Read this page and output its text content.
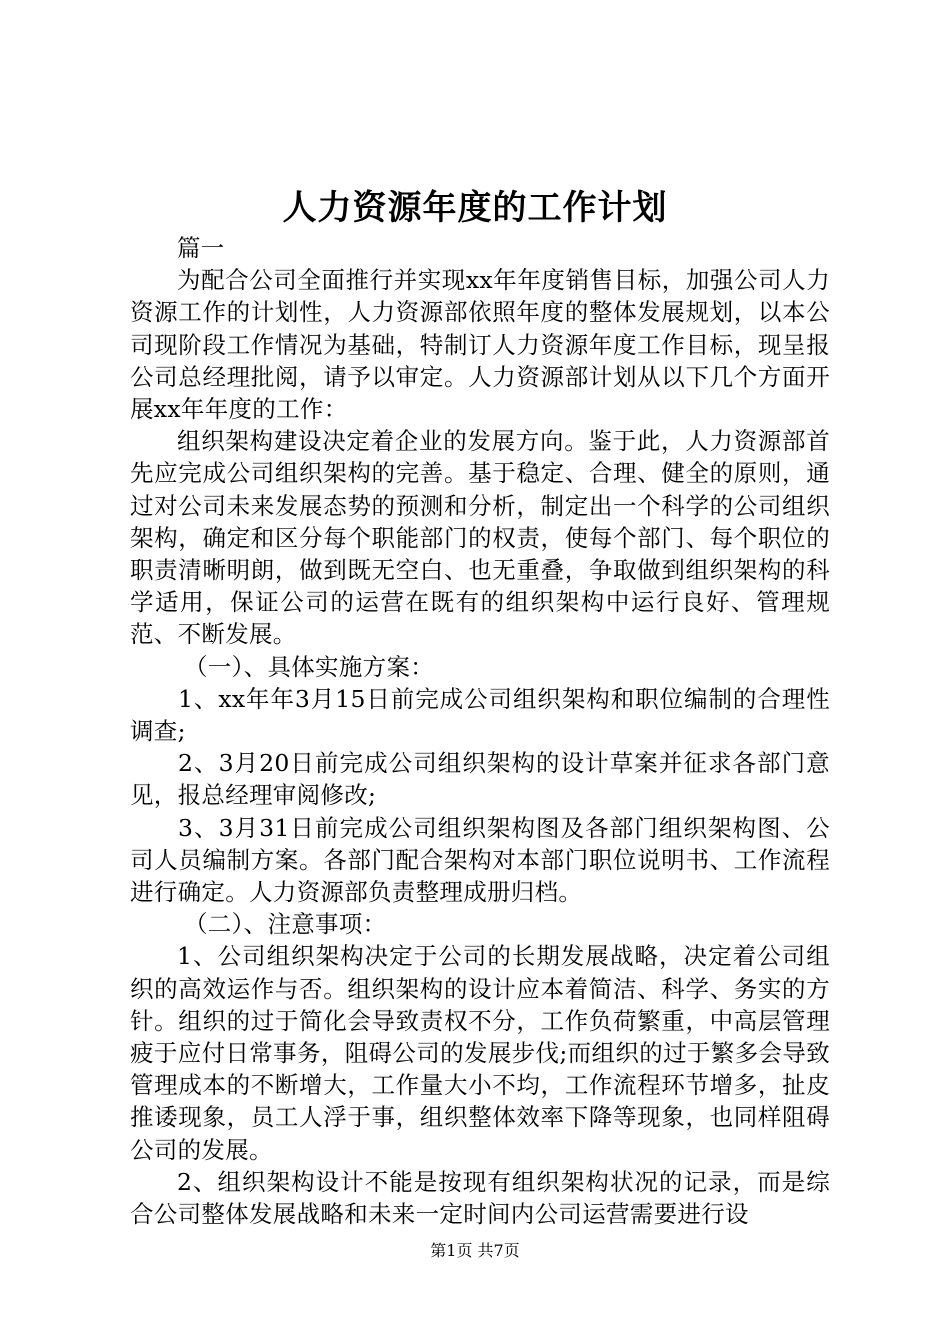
人力资源年度的工作计划

篇一

为配合公司全面推行并实现xx年年度销售目标，加强公司人力资源工作的计划性，人力资源部依照年度的整体发展规划，以本公司现阶段工作情况为基础，特制订人力资源年度工作目标，现呈报公司总经理批阅，请予以审定。人力资源部计划从以下几个方面开展xx年年度的工作：

组织架构建设决定着企业的发展方向。鉴于此，人力资源部首先应完成公司组织架构的完善。基于稳定、合理、健全的原则，通过对公司未来发展态势的预测和分析，制定出一个科学的公司组织架构，确定和区分每个职能部门的权责，使每个部门、每个职位的职责清晰明朗，做到既无空白、也无重叠，争取做到组织架构的科学适用，保证公司的运营在既有的组织架构中运行良好、管理规范、不断发展。

（一）、具体实施方案：

1、xx年年3月15日前完成公司组织架构和职位编制的合理性调查;

2、3月20日前完成公司组织架构的设计草案并征求各部门意见，报总经理审阅修改;

3、3月31日前完成公司组织架构图及各部门组织架构图、公司人员编制方案。各部门配合架构对本部门职位说明书、工作流程进行确定。人力资源部负责整理成册归档。

（二）、注意事项：

1、公司组织架构决定于公司的长期发展战略，决定着公司组织的高效运作与否。组织架构的设计应本着简洁、科学、务实的方针。组织的过于简化会导致责权不分，工作负荷繁重，中高层管理疲于应付日常事务，阻碍公司的发展步伐;而组织的过于繁多会导致管理成本的不断增大，工作量大小不均，工作流程环节增多，扯皮推诿现象，员工人浮于事，组织整体效率下降等现象，也同样阻碍公司的发展。

2、组织架构设计不能是按现有组织架构状况的记录，而是综合公司整体发展战略和未来一定时间内公司运营需要进行设

第1页 共7页
